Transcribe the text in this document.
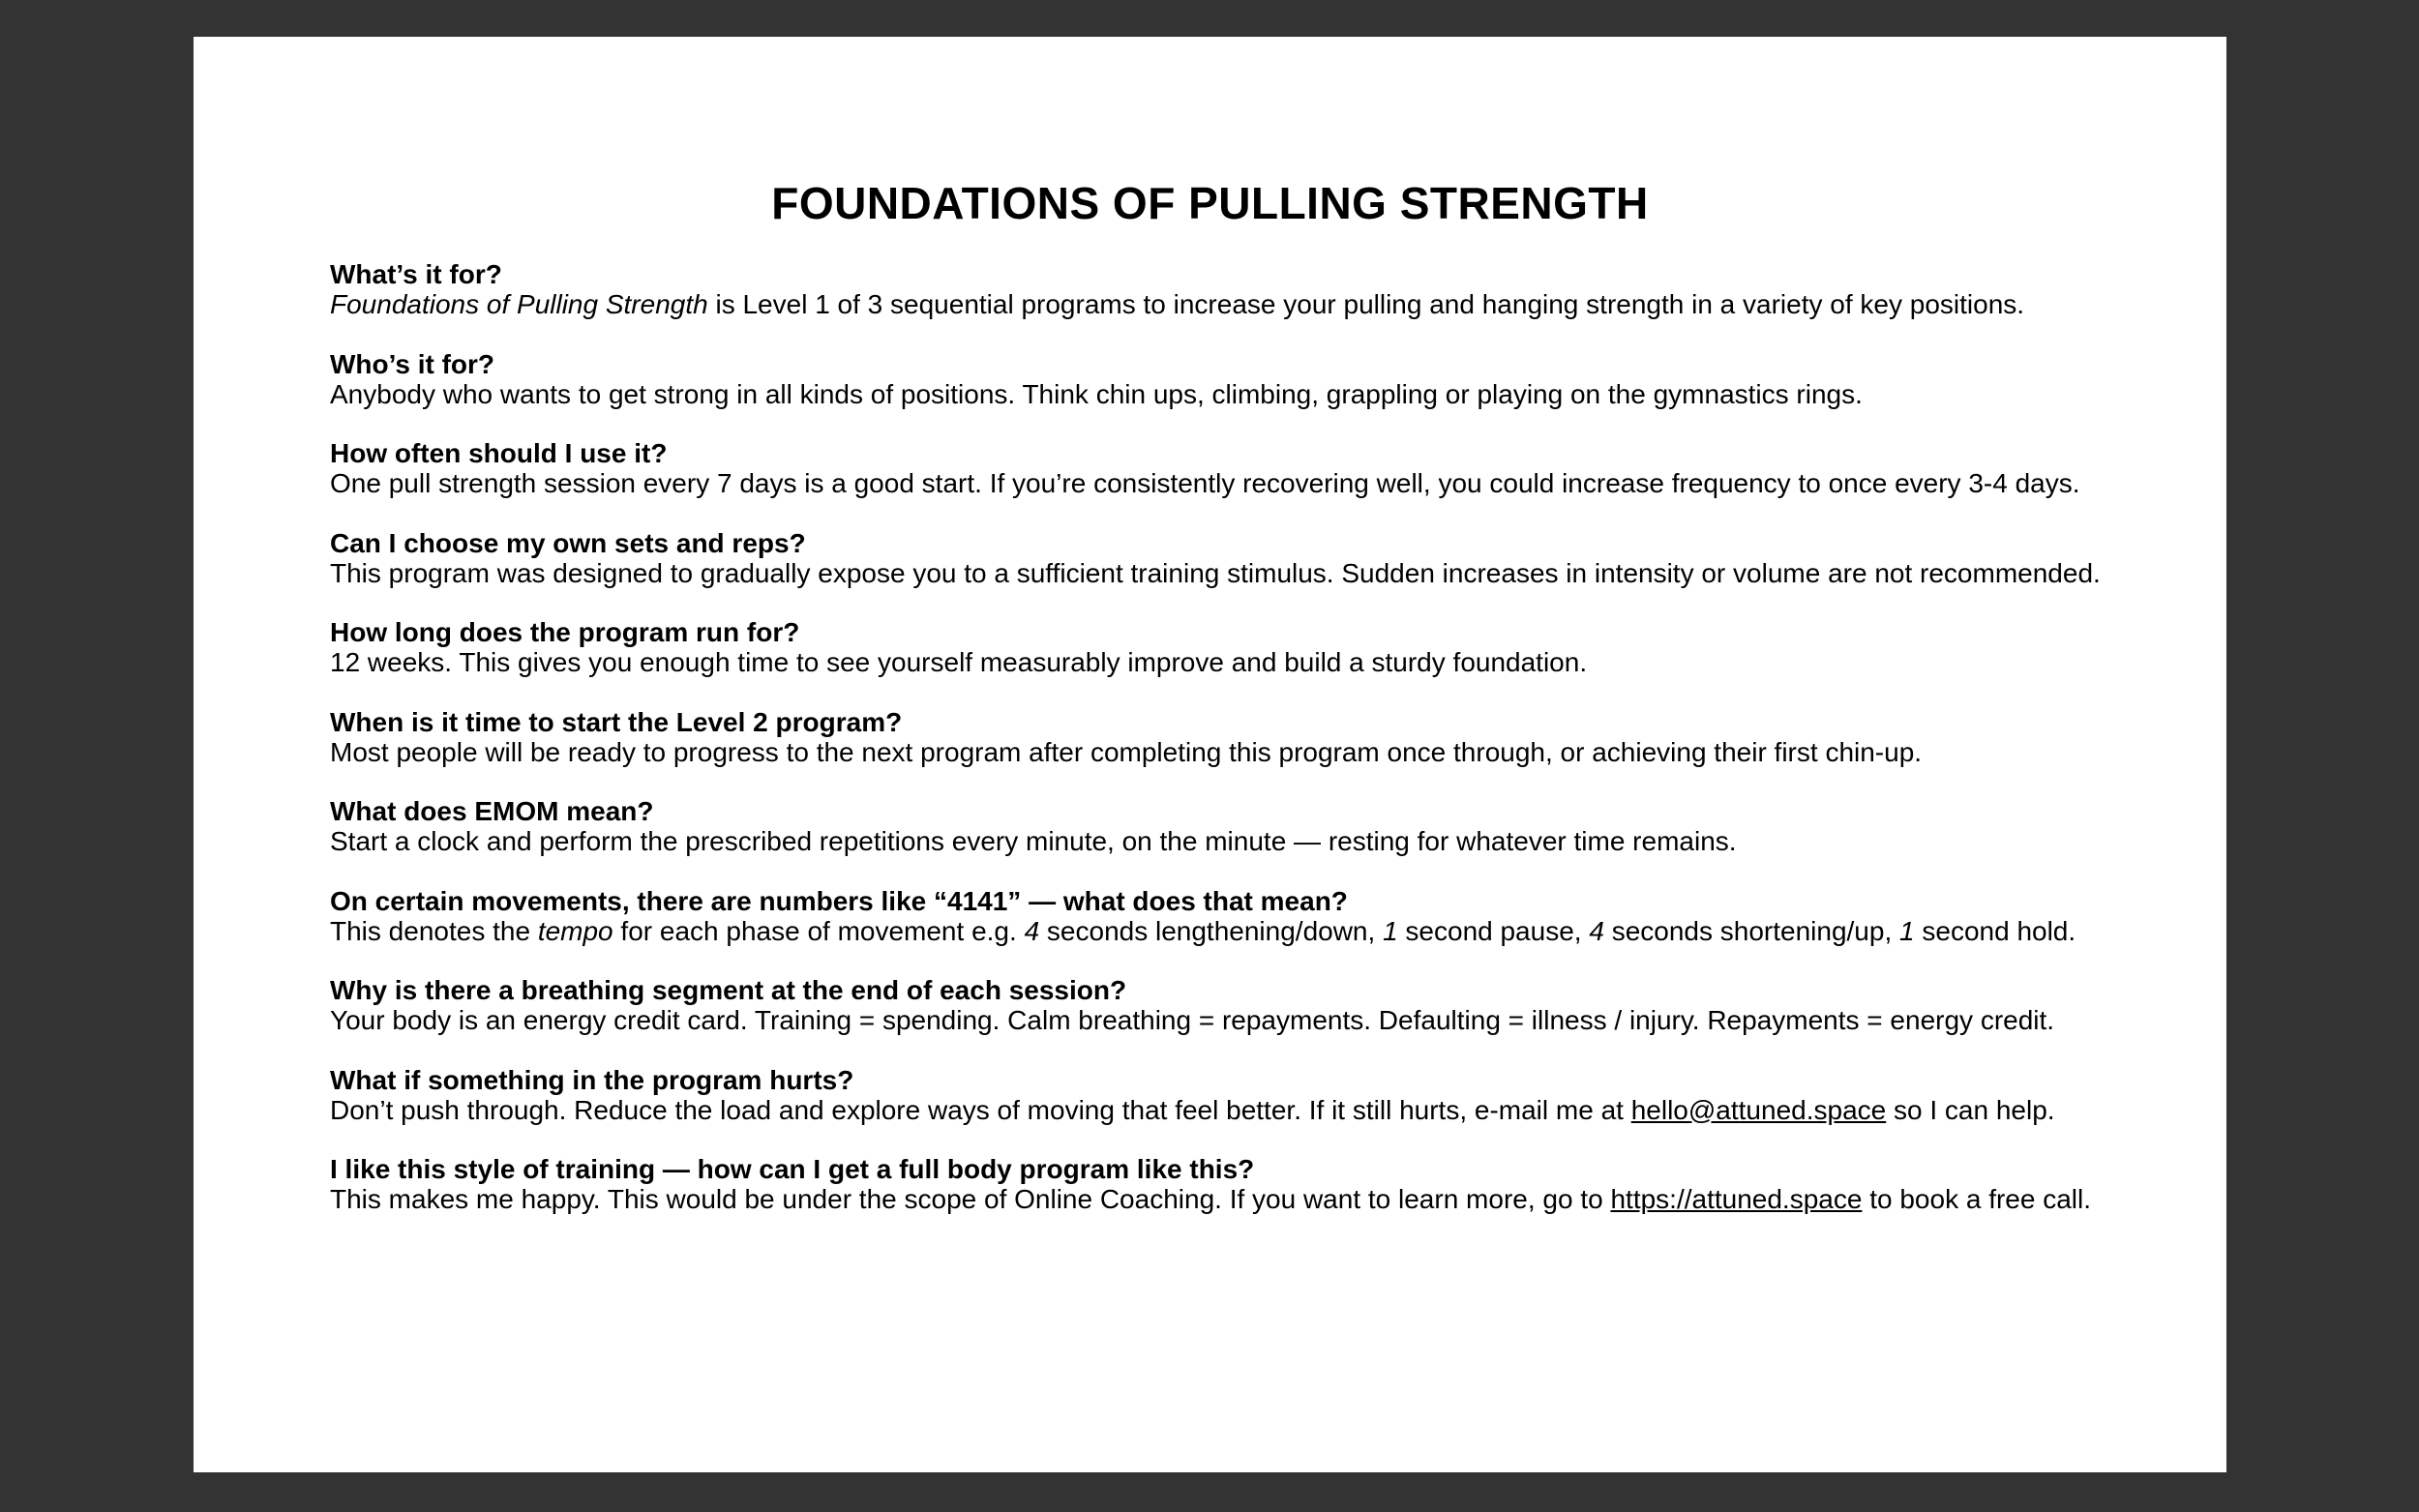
FOUNDATIONS OF PULLING STRENGTH
What’s it for?
Foundations of Pulling Strength is Level 1 of 3 sequential programs to increase your pulling and hanging strength in a variety of key positions.
Who’s it for?
Anybody who wants to get strong in all kinds of positions. Think chin ups, climbing, grappling or playing on the gymnastics rings.
How often should I use it?
One pull strength session every 7 days is a good start. If you’re consistently recovering well, you could increase frequency to once every 3-4 days.
Can I choose my own sets and reps?
This program was designed to gradually expose you to a sufficient training stimulus. Sudden increases in intensity or volume are not recommended.
How long does the program run for?
12 weeks. This gives you enough time to see yourself measurably improve and build a sturdy foundation.
When is it time to start the Level 2 program?
Most people will be ready to progress to the next program after completing this program once through, or achieving their first chin-up.
What does EMOM mean?
Start a clock and perform the prescribed repetitions every minute, on the minute — resting for whatever time remains.
On certain movements, there are numbers like “4141” — what does that mean?
This denotes the tempo for each phase of movement e.g. 4 seconds lengthening/down, 1 second pause, 4 seconds shortening/up, 1 second hold.
Why is there a breathing segment at the end of each session?
Your body is an energy credit card. Training = spending. Calm breathing = repayments. Defaulting = illness / injury. Repayments = energy credit.
What if something in the program hurts?
Don’t push through. Reduce the load and explore ways of moving that feel better. If it still hurts, e-mail me at hello@attuned.space so I can help.
I like this style of training — how can I get a full body program like this?
This makes me happy. This would be under the scope of Online Coaching. If you want to learn more, go to https://attuned.space to book a free call.
